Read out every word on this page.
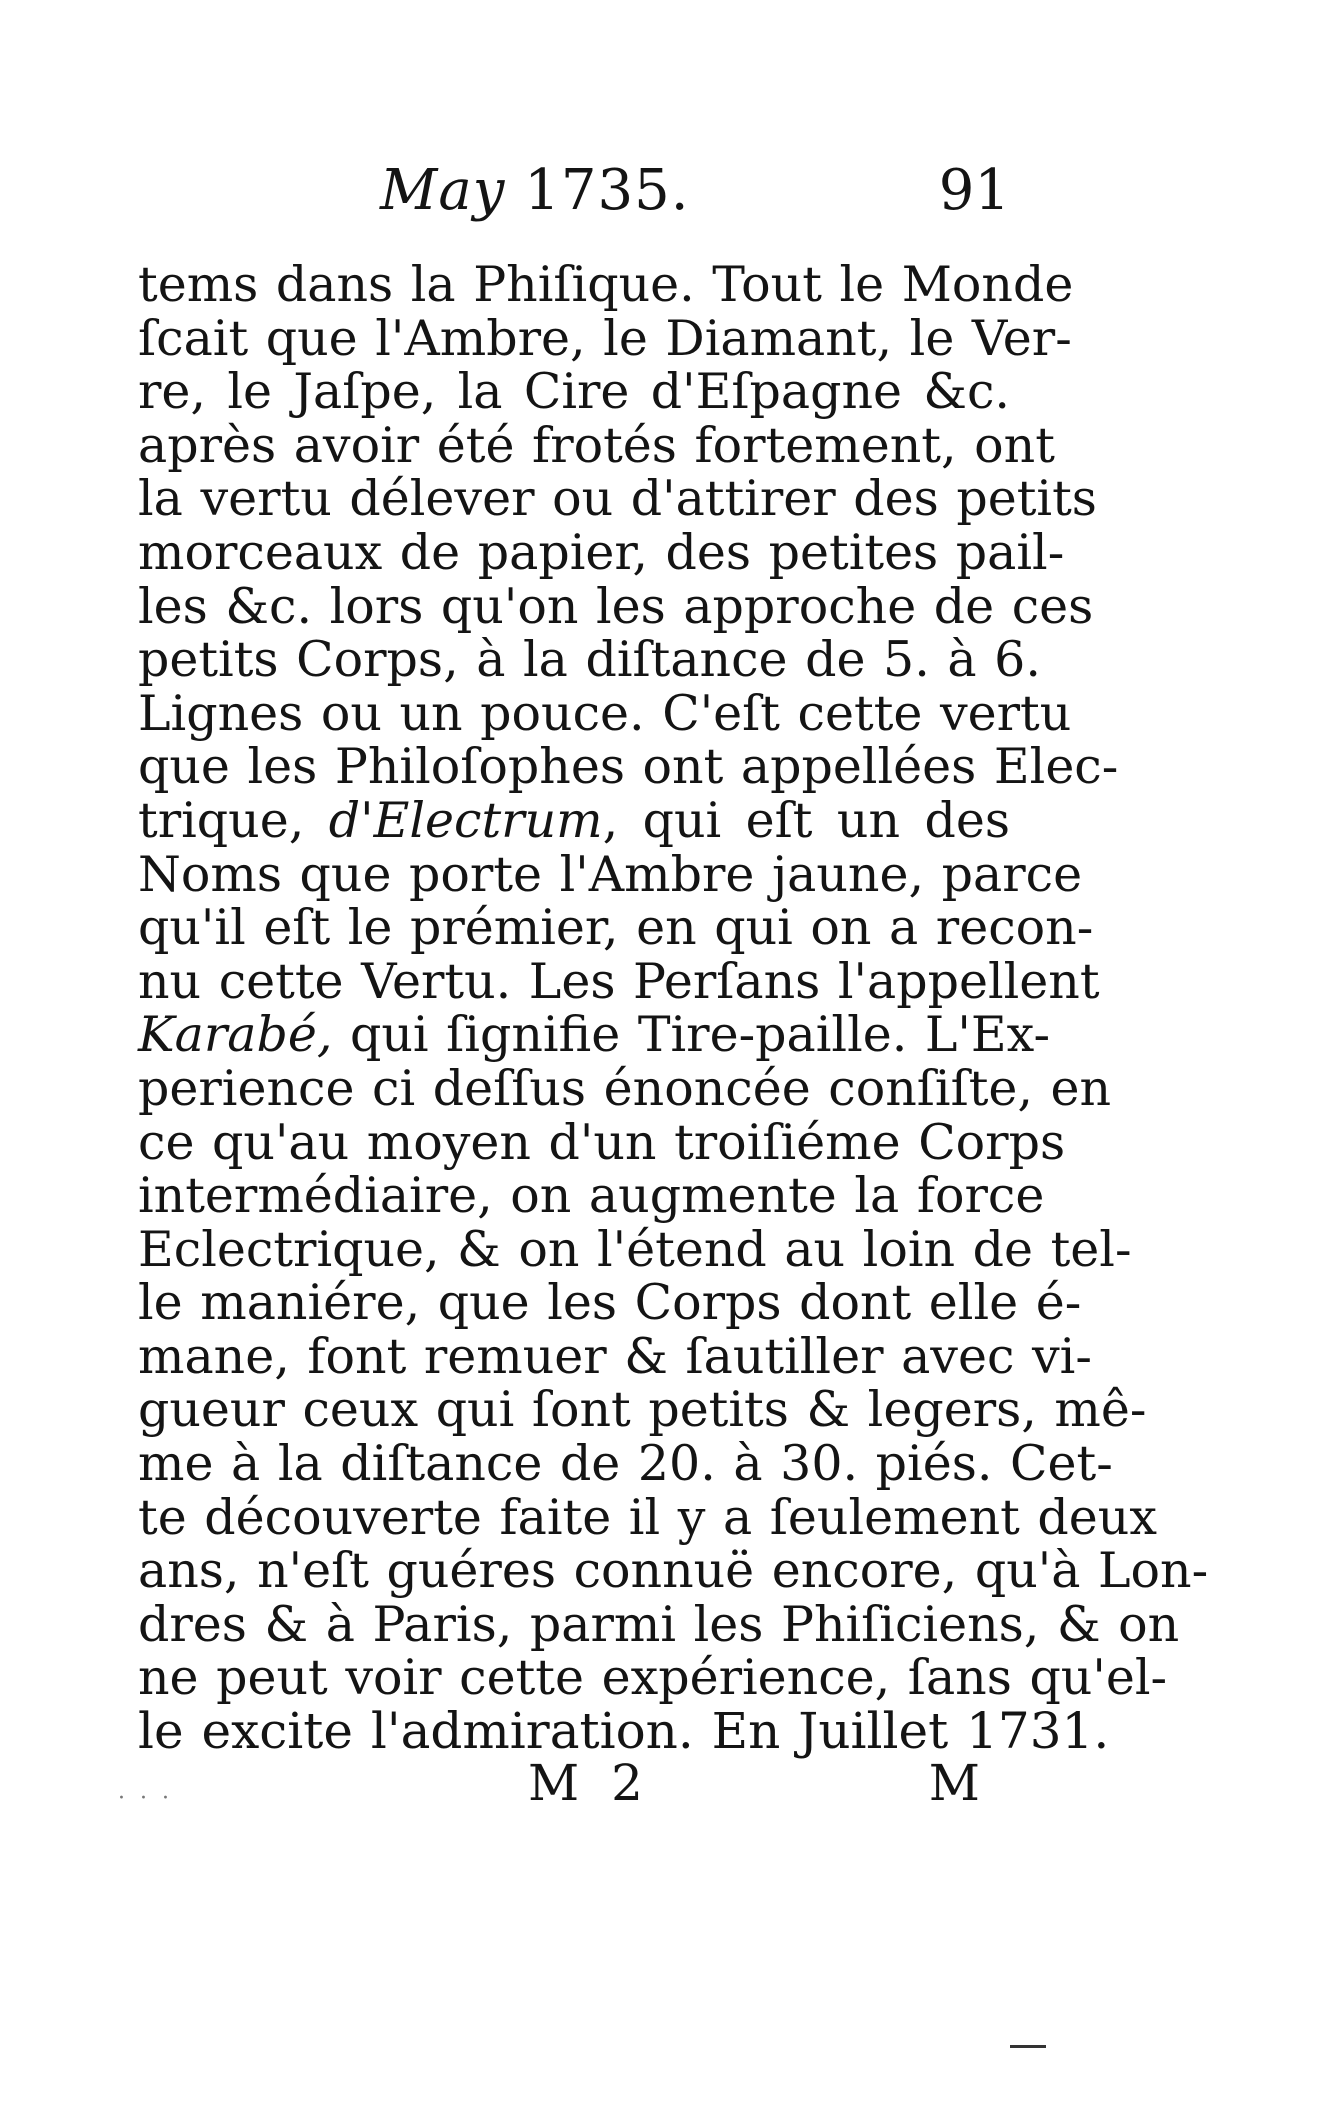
May 1735.	91
tems dans la Phiſique. Tout le Monde
ſcait que l'Ambre, le Diamant, le Ver-
re, le Jaſpe, la Cire d'Eſpagne &c.
après avoir été frotés fortement, ont
la vertu délever ou d'attirer des petits
morceaux de papier, des petites pail-
les &c. lors qu'on les approche de ces
petits Corps, à la diſtance de 5. à 6.
Lignes ou un pouce. C'eſt cette vertu
que les Philoſophes ont appellées Elec-
trique, d'Electrum, qui eſt un des
Noms que porte l'Ambre jaune, parce
qu'il eſt le prémier, en qui on a recon-
nu cette Vertu. Les Perſans l'appellent
Karabé, qui ſignifie Tire-paille. L'Ex-
perience ci deſſus énoncée conſiſte, en
ce qu'au moyen d'un troiſiéme Corps
intermédiaire, on augmente la force
Eclectrique, & on l'étend au loin de tel-
le maniére, que les Corps dont elle é-
mane, font remuer & ſautiller avec vi-
gueur ceux qui ſont petits & legers, mê-
me à la diſtance de 20. à 30. piés. Cet-
te découverte faite il y a ſeulement deux
ans, n'eſt guéres connuë encore, qu'à Lon-
dres & à Paris, parmi les Phiſiciens, & on
ne peut voir cette expérience, ſans qu'el-
le excite l'admiration. En Juillet 1731.
· · ·	M 2	M
